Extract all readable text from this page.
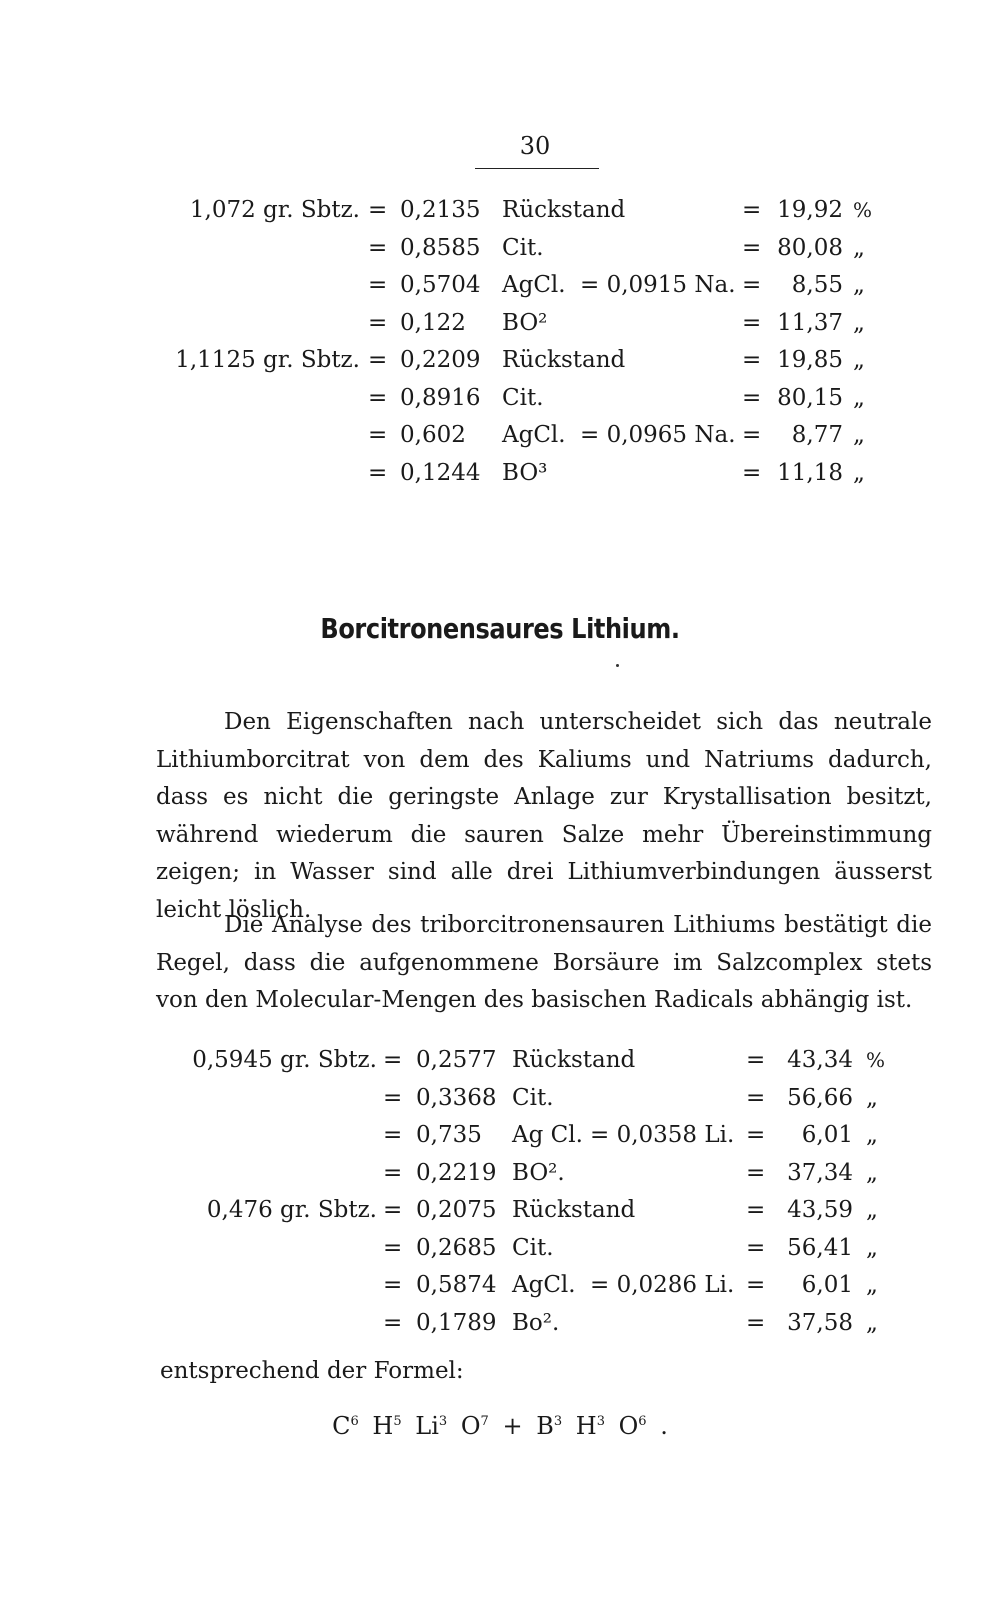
30
1,072 gr. Sbtz. = 0,2135 Rückstand	= 19,92 %
= 0,8585 Cit.	= 80,08 „
= 0,5704 AgCl. = 0,0915 Na. = 8,55 „
= 0,122 BO²	= 11,37 „
1,1125 gr. Sbtz. = 0,2209 Rückstand	= 19,85 „
= 0,8916 Cit.	= 80,15 „
= 0,602 AgCl. = 0,0965 Na. = 8,77 „
= 0,1244 BO³	= 11,18 „
Borcitronensaures Lithium.

Den Eigenschaften nach unterscheidet sich das neutrale Lithiumborcitrat von dem des Kaliums und Natriums dadurch, dass es nicht die geringste Anlage zur Krystallisation besitzt, während wiederum die sauren Salze mehr Übereinstimmung zeigen; in Wasser sind alle drei Lithiumverbindungen äusserst leicht löslich.

Die Analyse des triborcitronensauren Lithiums bestätigt die Regel, dass die aufgenommene Borsäure im Salzcomplex stets von den Molecular-Mengen des basischen Radicals abhängig ist.

0,5945 gr. Sbtz. = 0,2577 Rückstand	= 43,34 %
= 0,3368 Cit.	= 56,66 „
= 0,735 Ag Cl. = 0,0358 Li. = 6,01 „
= 0,2219 BO².	= 37,34 „
0,476 gr. Sbtz. = 0,2075 Rückstand	= 43,59 „
= 0,2685 Cit.	= 56,41 „
= 0,5874 AgCl. = 0,0286 Li. = 6,01 „
= 0,1789 Bo².	= 37,58 „
entsprechend der Formel:
$C^6$ $H^5$ Li$^3$ $O^7 + B^3$ $H^3$ $O^6$ .
